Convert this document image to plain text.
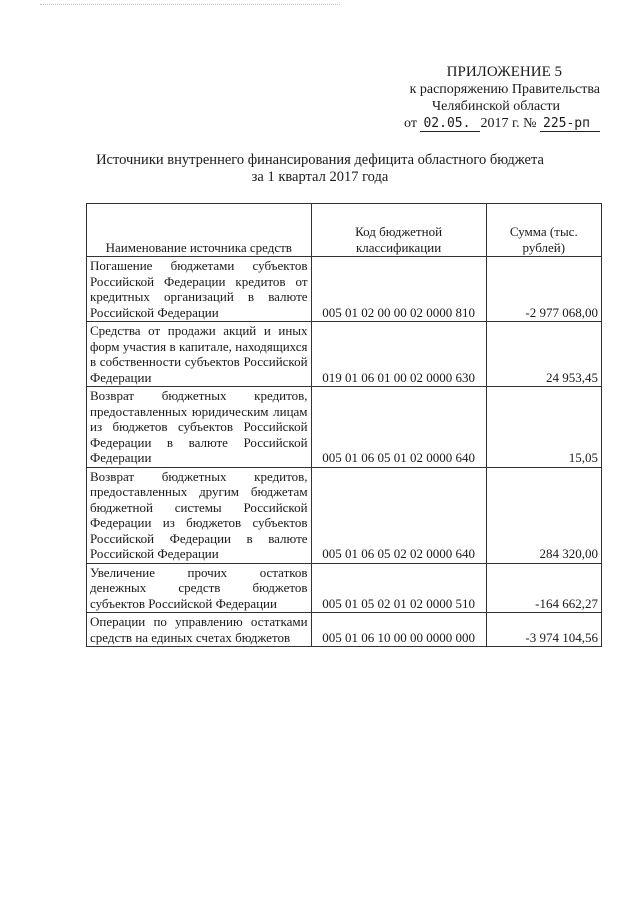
ПРИЛОЖЕНИЕ 5
к распоряжению Правительства
Челябинской области
от
02.05. 2017 г. №
225-рп
Источники внутреннего финансирования дефицита областного бюджета
за 1 квартал 2017 года
Наименование источника средств	Код бюджетной классификации	Сумма (тыс. рублей)
Погашение бюджетами субъектов Российской Федерации кредитов от кредитных организаций в валюте Российской Федерации	005 01 02 00 00 02 0000 810	-2 977 068,00
Средства от продажи акций и иных форм участия в капитале, находящихся в собственности субъектов Российской Федерации	019 01 06 01 00 02 0000 630	24 953,45
Возврат бюджетных кредитов, предоставленных юридическим лицам из бюджетов субъектов Российской Федерации в валюте Российской Федерации	005 01 06 05 01 02 0000 640	15,05
Возврат бюджетных кредитов, предоставленных другим бюджетам бюджетной системы Российской Федерации из бюджетов субъектов Российской Федерации в валюте Российской Федерации	005 01 06 05 02 02 0000 640	284 320,00
Увеличение прочих остатков денежных средств бюджетов субъектов Российской Федерации	005 01 05 02 01 02 0000 510	-164 662,27
Операции по управлению остатками средств на единых счетах бюджетов	005 01 06 10 00 00 0000 000	-3 974 104,56
